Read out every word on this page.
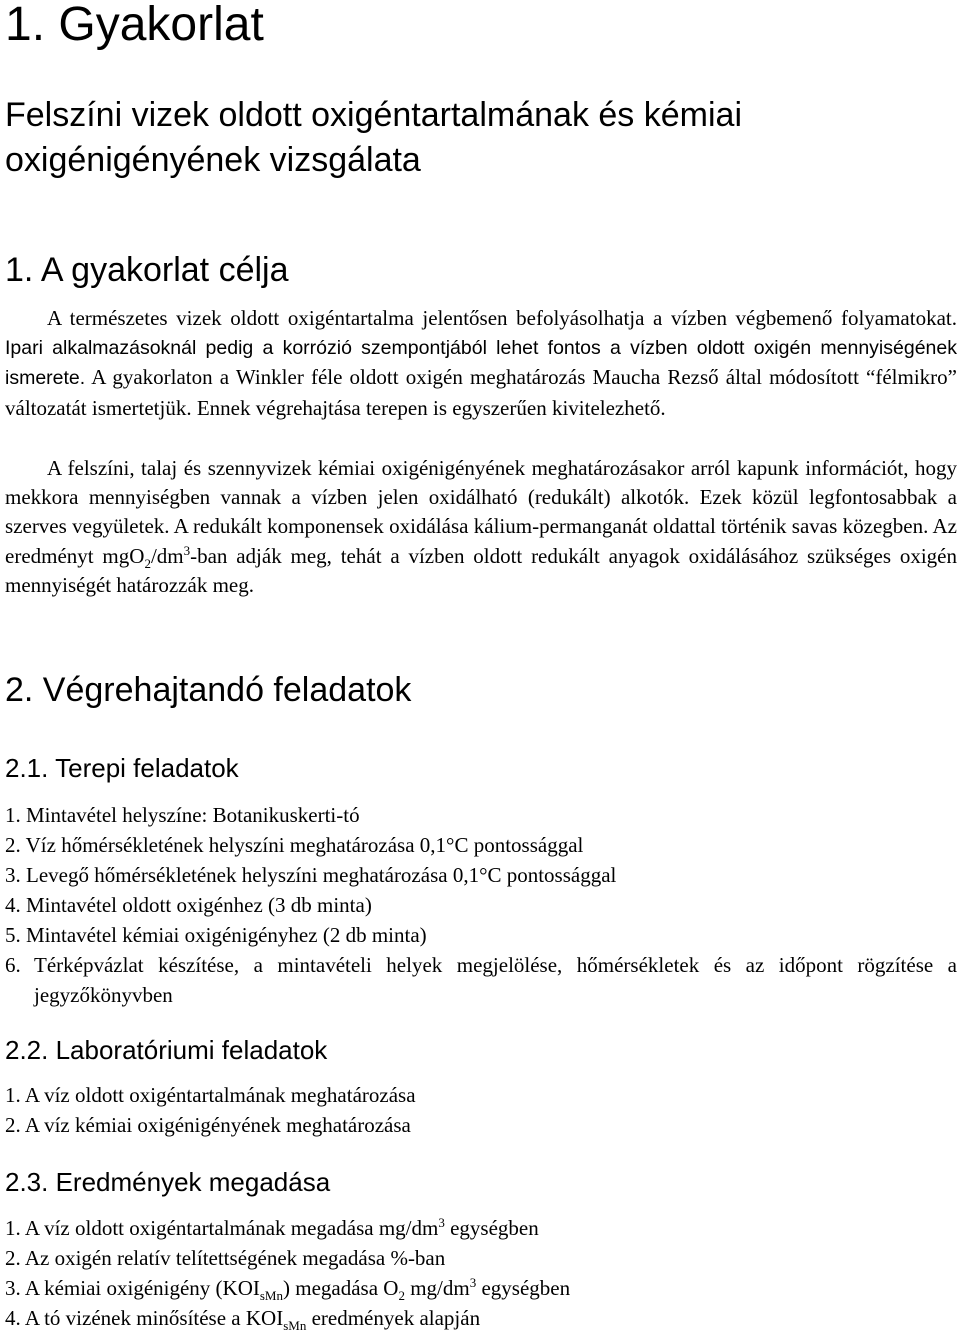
1. Gyakorlat

Felszíni vizek oldott oxigéntartalmának és kémiai oxigénigényének vizsgálata

1. A gyakorlat célja

A természetes vizek oldott oxigéntartalma jelentősen befolyásolhatja a vízben végbemenő folyamatokat. Ipari alkalmazásoknál pedig a korrózió szempontjából lehet fontos a vízben oldott oxigén mennyiségének ismerete. A gyakorlaton a Winkler féle oldott oxigén meghatározás Maucha Rezső által módosított “félmikro” változatát ismertetjük. Ennek végrehajtása terepen is egyszerűen kivitelezhető.

A felszíni, talaj és szennyvizek kémiai oxigénigényének meghatározásakor arról kapunk információt, hogy mekkora mennyiségben vannak a vízben jelen oxidálható (redukált) alkotók. Ezek közül legfontosabbak a szerves vegyületek. A redukált komponensek oxidálása kálium-permanganát oldattal történik savas közegben. Az eredményt $mgO_2/dm^3$-ban adják meg, tehát a vízben oldott redukált anyagok oxidálásához szükséges oxigén mennyiségét határozzák meg.

2. Végrehajtandó feladatok
2.1. Terepi feladatok
1. Mintavétel helyszíne: Botanikuskerti-tó
2. Víz hőmérsékletének helyszíni meghatározása 0,1°C pontossággal
3. Levegő hőmérsékletének helyszíni meghatározása 0,1°C pontossággal
4. Mintavétel oldott oxigénhez (3 db minta)
5. Mintavétel kémiai oxigénigényhez (2 db minta)
6. Térképvázlat készítése, a mintavételi helyek megjelölése, hőmérsékletek és az időpont rögzítése a jegyzőkönyvben
2.2. Laboratóriumi feladatok
1. A víz oldott oxigéntartalmának meghatározása
2. A víz kémiai oxigénigényének meghatározása
2.3. Eredmények megadása
1. A víz oldott oxigéntartalmának megadása $mg/dm^3$ egységben
2. Az oxigén relatív telítettségének megadása %-ban
3. A kémiai oxigénigény $(KOI_{sMn})$ megadása $O_2$ $mg/dm^3$ egységben
4. A tó vizének minősítése a $KOI_{sMn}$ eredmények alapján
